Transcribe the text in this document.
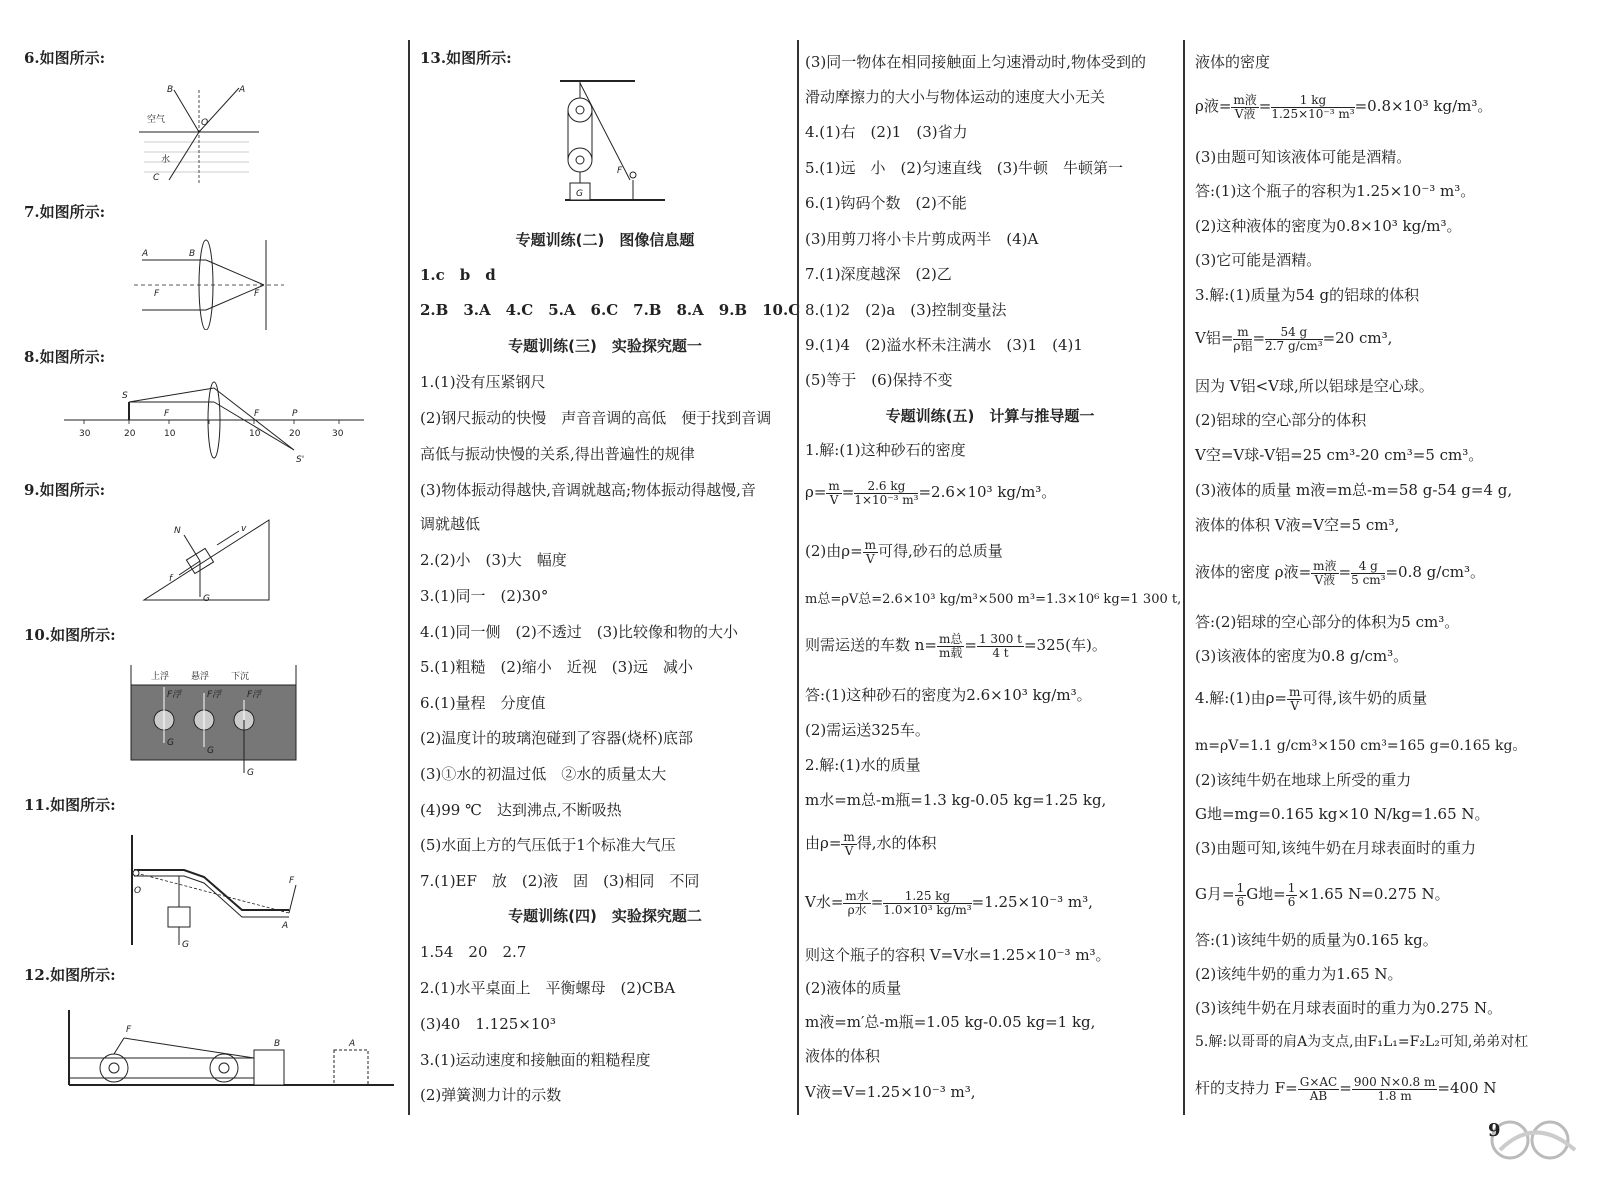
6.如图所示:
B	A
O
C
空气
水
7.如图所示:
A	B
F	F
8.如图所示:
S
F	F	P
S'
30	20	10	10	20	30
9.如图所示:
N
f
G
v
10.如图所示:
上浮 悬浮 下沉
F浮	F浮	F浮
G
G
G
11.如图所示:
O
F
A
G
12.如图所示:
F
B	A
13.如图所示:
F
G
专题训练(二)　图像信息题
1.c　b　d
2.B　3.A　4.C　5.A　6.C　7.B　8.A　9.B　10.C
专题训练(三)　实验探究题一
1.(1)没有压紧钢尺
(2)钢尺振动的快慢　声音音调的高低　便于找到音调
高低与振动快慢的关系,得出普遍性的规律
(3)物体振动得越快,音调就越高;物体振动得越慢,音
调就越低
2.(2)小　(3)大　幅度
3.(1)同一　(2)30°
4.(1)同一侧　(2)不透过　(3)比较像和物的大小
5.(1)粗糙　(2)缩小　近视　(3)远　减小
6.(1)量程　分度值
(2)温度计的玻璃泡碰到了容器(烧杯)底部
(3)①水的初温过低　②水的质量太大
(4)99 ℃　达到沸点,不断吸热
(5)水面上方的气压低于1个标准大气压
7.(1)EF　放　(2)液　固　(3)相同　不同
专题训练(四)　实验探究题二
1.54　20　2.7
2.(1)水平桌面上　平衡螺母　(2)CBA
(3)40　1.125×10³
3.(1)运动速度和接触面的粗糙程度
(2)弹簧测力计的示数
(3)同一物体在相同接触面上匀速滑动时,物体受到的
滑动摩擦力的大小与物体运动的速度大小无关
4.(1)右　(2)1　(3)省力
5.(1)远　小　(2)匀速直线　(3)牛顿　牛顿第一
6.(1)钩码个数　(2)不能
(3)用剪刀将小卡片剪成两半　(4)A
7.(1)深度越深　(2)乙
8.(1)2　(2)a　(3)控制变量法
9.(1)4　(2)溢水杯未注满水　(3)1　(4)1
(5)等于　(6)保持不变
专题训练(五)　计算与推导题一
1.解:(1)这种砂石的密度
$\rho= \frac{m}{V} = \frac{2.6 kg}{\text{1×10⁻³ m³}} =2.6\times 10^3$ kg/m³。
(2)由$\rho= \frac{m}{V}$ 可得,砂石的总质量
m总=ρV总=2.6×10³ kg/m³×500 m³=1.3×10⁶ kg=1 300 t,
则需运送的车数 $n= \frac{\text{m总}}{\text{m载}} = \frac{1 300 t}{4 t} =325$(车)。
答:(1)这种砂石的密度为2.6×10³ kg/m³。
(2)需运送325车。
2.解:(1)水的质量
m水=m总-m瓶=1.3 kg-0.05 kg=1.25 kg,
由$\rho= \frac{m}{V}$ 得,水的体积
V水= $\frac{\text{m水}}{\text{ρ水}} = \frac{1.25 kg}{\text{1.0×10³ kg/m³}} =1.25\times 10^{-3}$ m³,
则这个瓶子的容积 V=V水=1.25×10⁻³ m³。
(2)液体的质量
m液=m′总-m瓶=1.05 kg-0.05 kg=1 kg,
液体的体积
V液=V=1.25×10⁻³ m³,
液体的密度
ρ液= $\frac{\text{m液}}{\text{V液}} = \frac{1 kg}{\text{1.25×10⁻³ m³}} =0.8\times 10^3$ kg/m³。
(3)由题可知该液体可能是酒精。
答:(1)这个瓶子的容积为1.25×10⁻³ m³。
(2)这种液体的密度为0.8×10³ kg/m³。
(3)它可能是酒精。
3.解:(1)质量为54 g的铝球的体积
V铝= $\frac{m}{\text{ρ铝}} = \frac{54 g}{\text{2.7 g/cm³}} =20$ cm³,
因为 V铝<V球,所以铝球是空心球。
(2)铝球的空心部分的体积
V空=V球-V铝=25 cm³-20 cm³=5 cm³。
(3)液体的质量 m液=m总-m=58 g-54 g=4 g,
液体的体积 V液=V空=5 cm³,
液体的密度 ρ液= $\frac{\text{m液}}{\text{V液}} = \frac{4 g}{\text{5 cm³}} =0.8$ g/cm³。
答:(2)铝球的空心部分的体积为5 cm³。
(3)该液体的密度为0.8 g/cm³。
4.解:(1)由$\rho= \frac{m}{V}$ 可得,该牛奶的质量
m=ρV=1.1 g/cm³×150 cm³=165 g=0.165 kg。
(2)该纯牛奶在地球上所受的重力
G地=mg=0.165 kg×10 N/kg=1.65 N。
(3)由题可知,该纯牛奶在月球表面时的重力
G月= $\frac{1}{6}$ G地= $\frac{1}{6} \times 1.65$ N=0.275 N。
答:(1)该纯牛奶的质量为0.165 kg。
(2)该纯牛奶的重力为1.65 N。
(3)该纯牛奶在月球表面时的重力为0.275 N。
5.解:以哥哥的肩A为支点,由F₁L₁=F₂L₂可知,弟弟对杠
杆的支持力 $F= \frac{G\times AC}{AB} = \frac{900 N\times 0.8 m}{1.8 m} =400$ N
9
